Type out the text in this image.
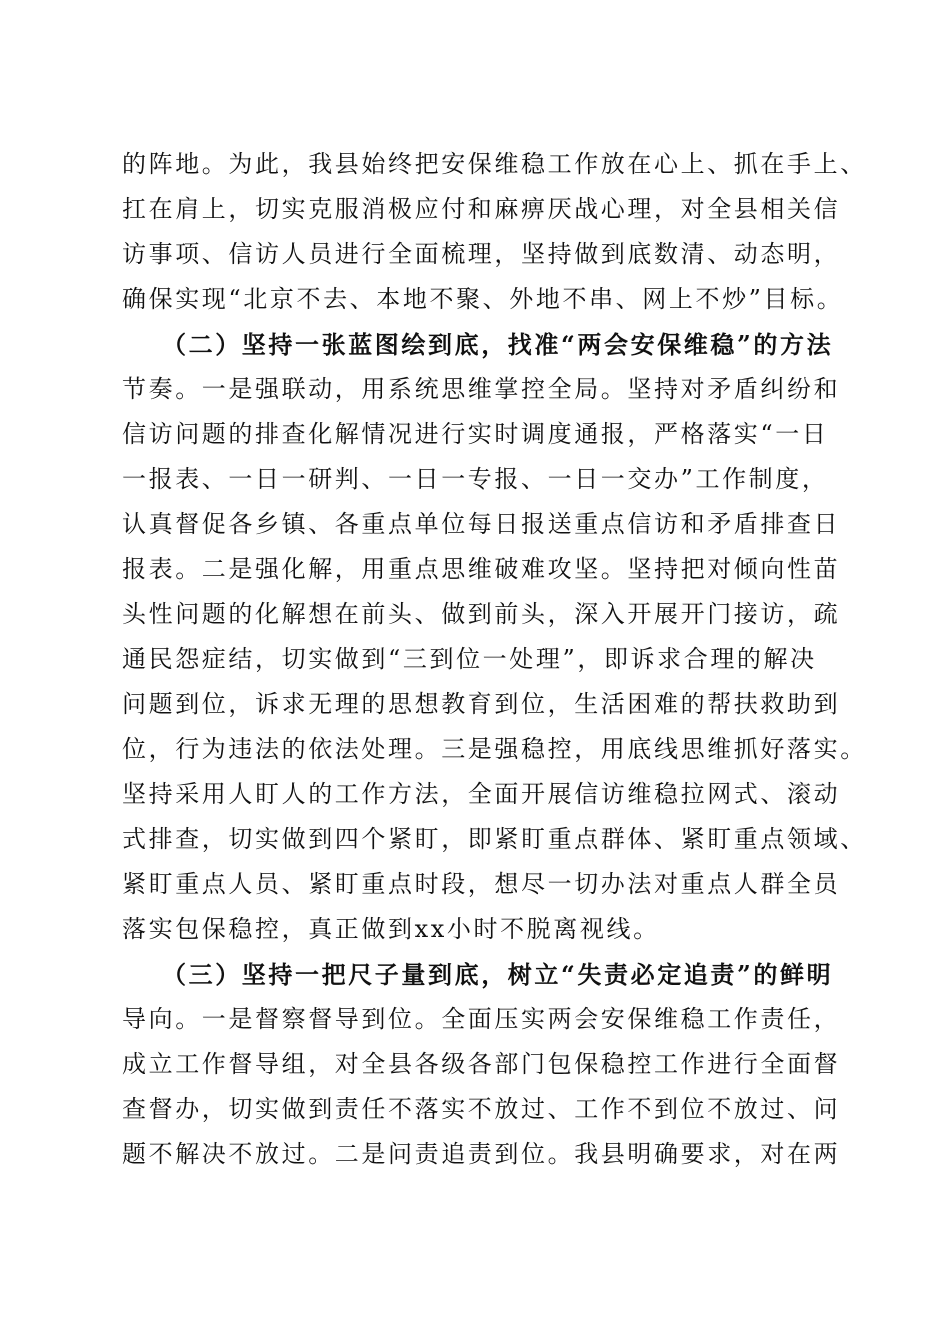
的阵地。为此，我县始终把安保维稳工作放在心上、抓在手上、
扛在肩上，切实克服消极应付和麻痹厌战心理，对全县相关信
访事项、信访人员进行全面梳理，坚持做到底数清、动态明，
确保实现“北京不去、本地不聚、外地不串、网上不炒”目标。
（二）坚持一张蓝图绘到底，找准“两会安保维稳”的方法
节奏。一是强联动，用系统思维掌控全局。坚持对矛盾纠纷和
信访问题的排查化解情况进行实时调度通报，严格落实“一日
一报表、一日一研判、一日一专报、一日一交办”工作制度，
认真督促各乡镇、各重点单位每日报送重点信访和矛盾排查日
报表。二是强化解，用重点思维破难攻坚。坚持把对倾向性苗
头性问题的化解想在前头、做到前头，深入开展开门接访，疏
通民怨症结，切实做到“三到位一处理”，即诉求合理的解决
问题到位，诉求无理的思想教育到位，生活困难的帮扶救助到
位，行为违法的依法处理。三是强稳控，用底线思维抓好落实。
坚持采用人盯人的工作方法，全面开展信访维稳拉网式、滚动
式排查，切实做到四个紧盯，即紧盯重点群体、紧盯重点领域、
紧盯重点人员、紧盯重点时段，想尽一切办法对重点人群全员
落实包保稳控，真正做到xx小时不脱离视线。
（三）坚持一把尺子量到底，树立“失责必定追责”的鲜明
导向。一是督察督导到位。全面压实两会安保维稳工作责任，
成立工作督导组，对全县各级各部门包保稳控工作进行全面督
查督办，切实做到责任不落实不放过、工作不到位不放过、问
题不解决不放过。二是问责追责到位。我县明确要求，对在两
